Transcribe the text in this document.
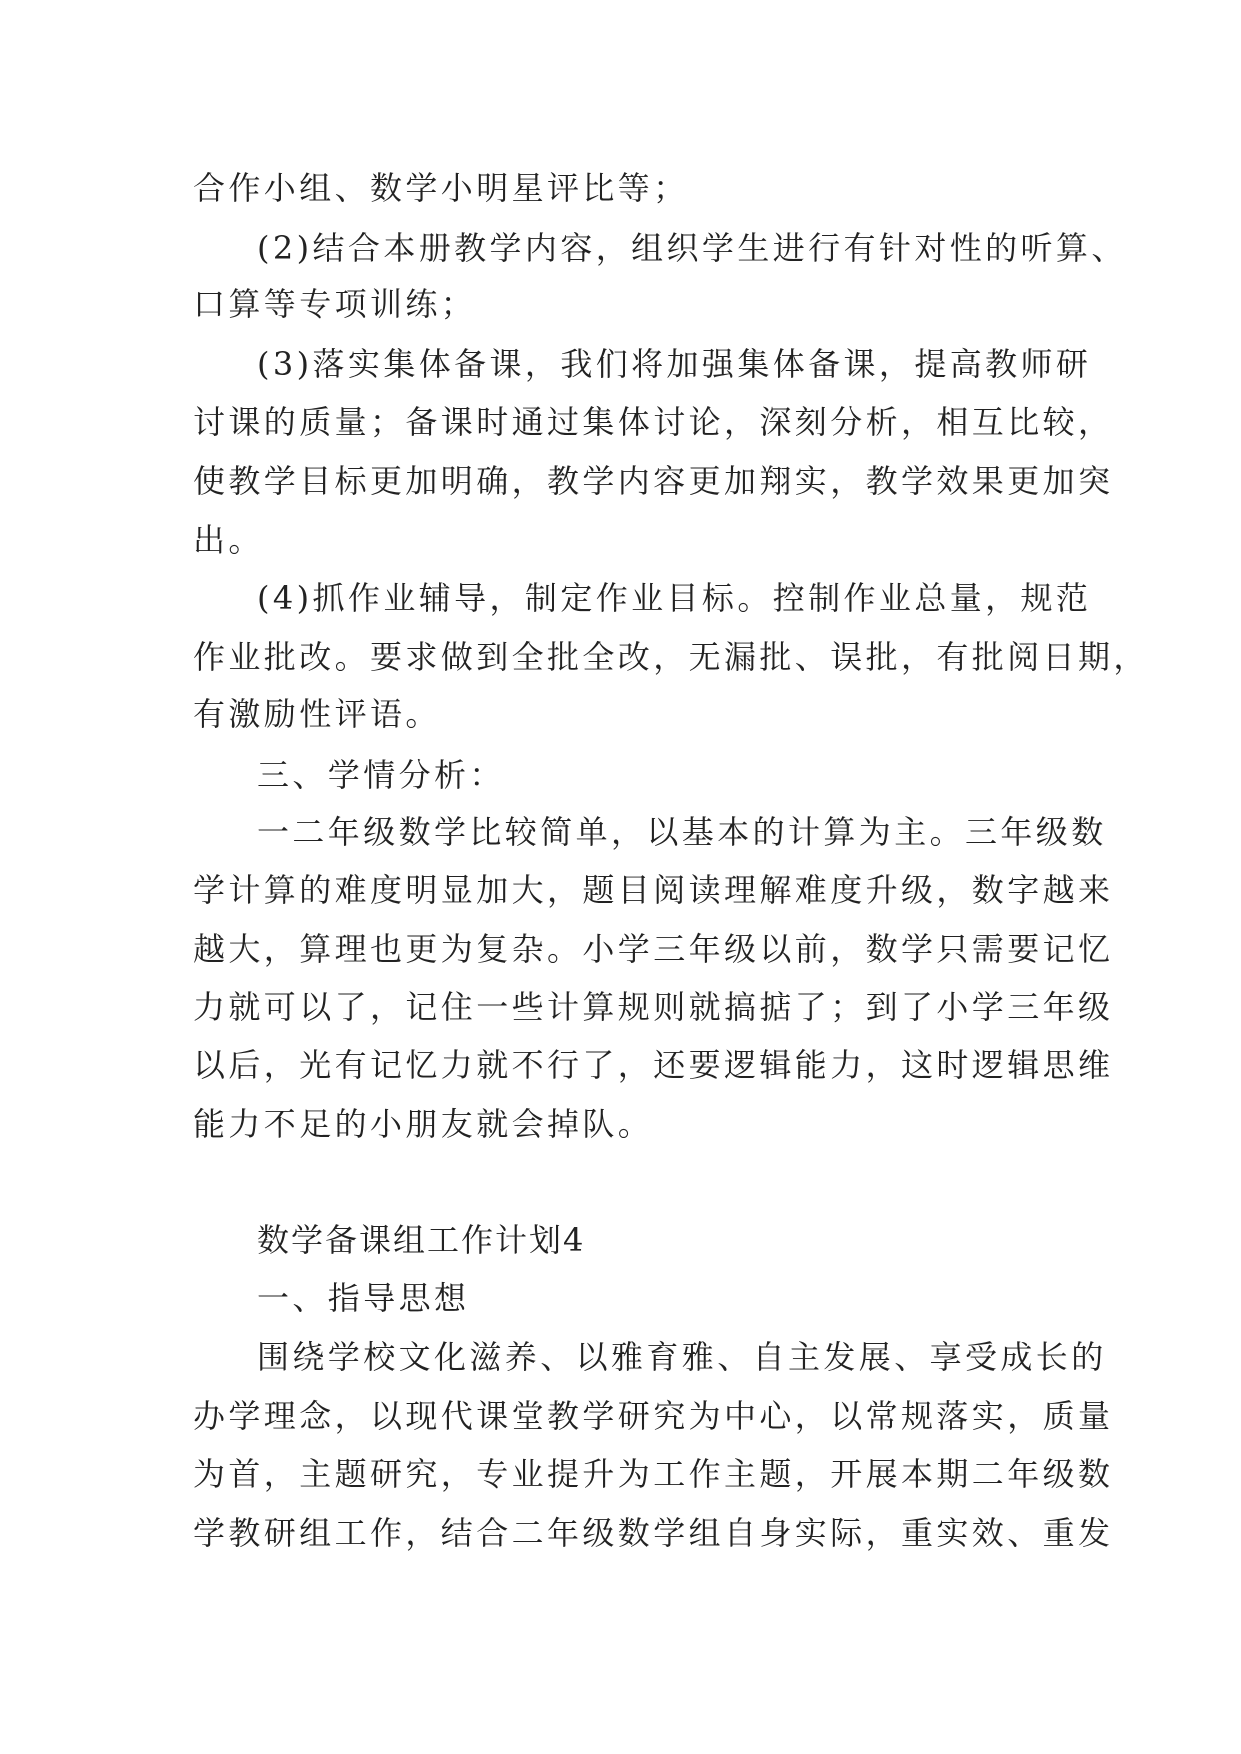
合作小组、数学小明星评比等；
(2)结合本册教学内容，组织学生进行有针对性的听算、
口算等专项训练；
(3)落实集体备课，我们将加强集体备课，提高教师研
讨课的质量；备课时通过集体讨论，深刻分析，相互比较，
使教学目标更加明确，教学内容更加翔实，教学效果更加突
出。
(4)抓作业辅导，制定作业目标。控制作业总量，规范
作业批改。要求做到全批全改，无漏批、误批，有批阅日期，
有激励性评语。
三、学情分析：
一二年级数学比较简单，以基本的计算为主。三年级数
学计算的难度明显加大，题目阅读理解难度升级，数字越来
越大，算理也更为复杂。小学三年级以前，数学只需要记忆
力就可以了，记住一些计算规则就搞掂了；到了小学三年级
以后，光有记忆力就不行了，还要逻辑能力，这时逻辑思维
能力不足的小朋友就会掉队。
数学备课组工作计划4
一、指导思想
围绕学校文化滋养、以雅育雅、自主发展、享受成长的
办学理念，以现代课堂教学研究为中心，以常规落实，质量
为首，主题研究，专业提升为工作主题，开展本期二年级数
学教研组工作，结合二年级数学组自身实际，重实效、重发
